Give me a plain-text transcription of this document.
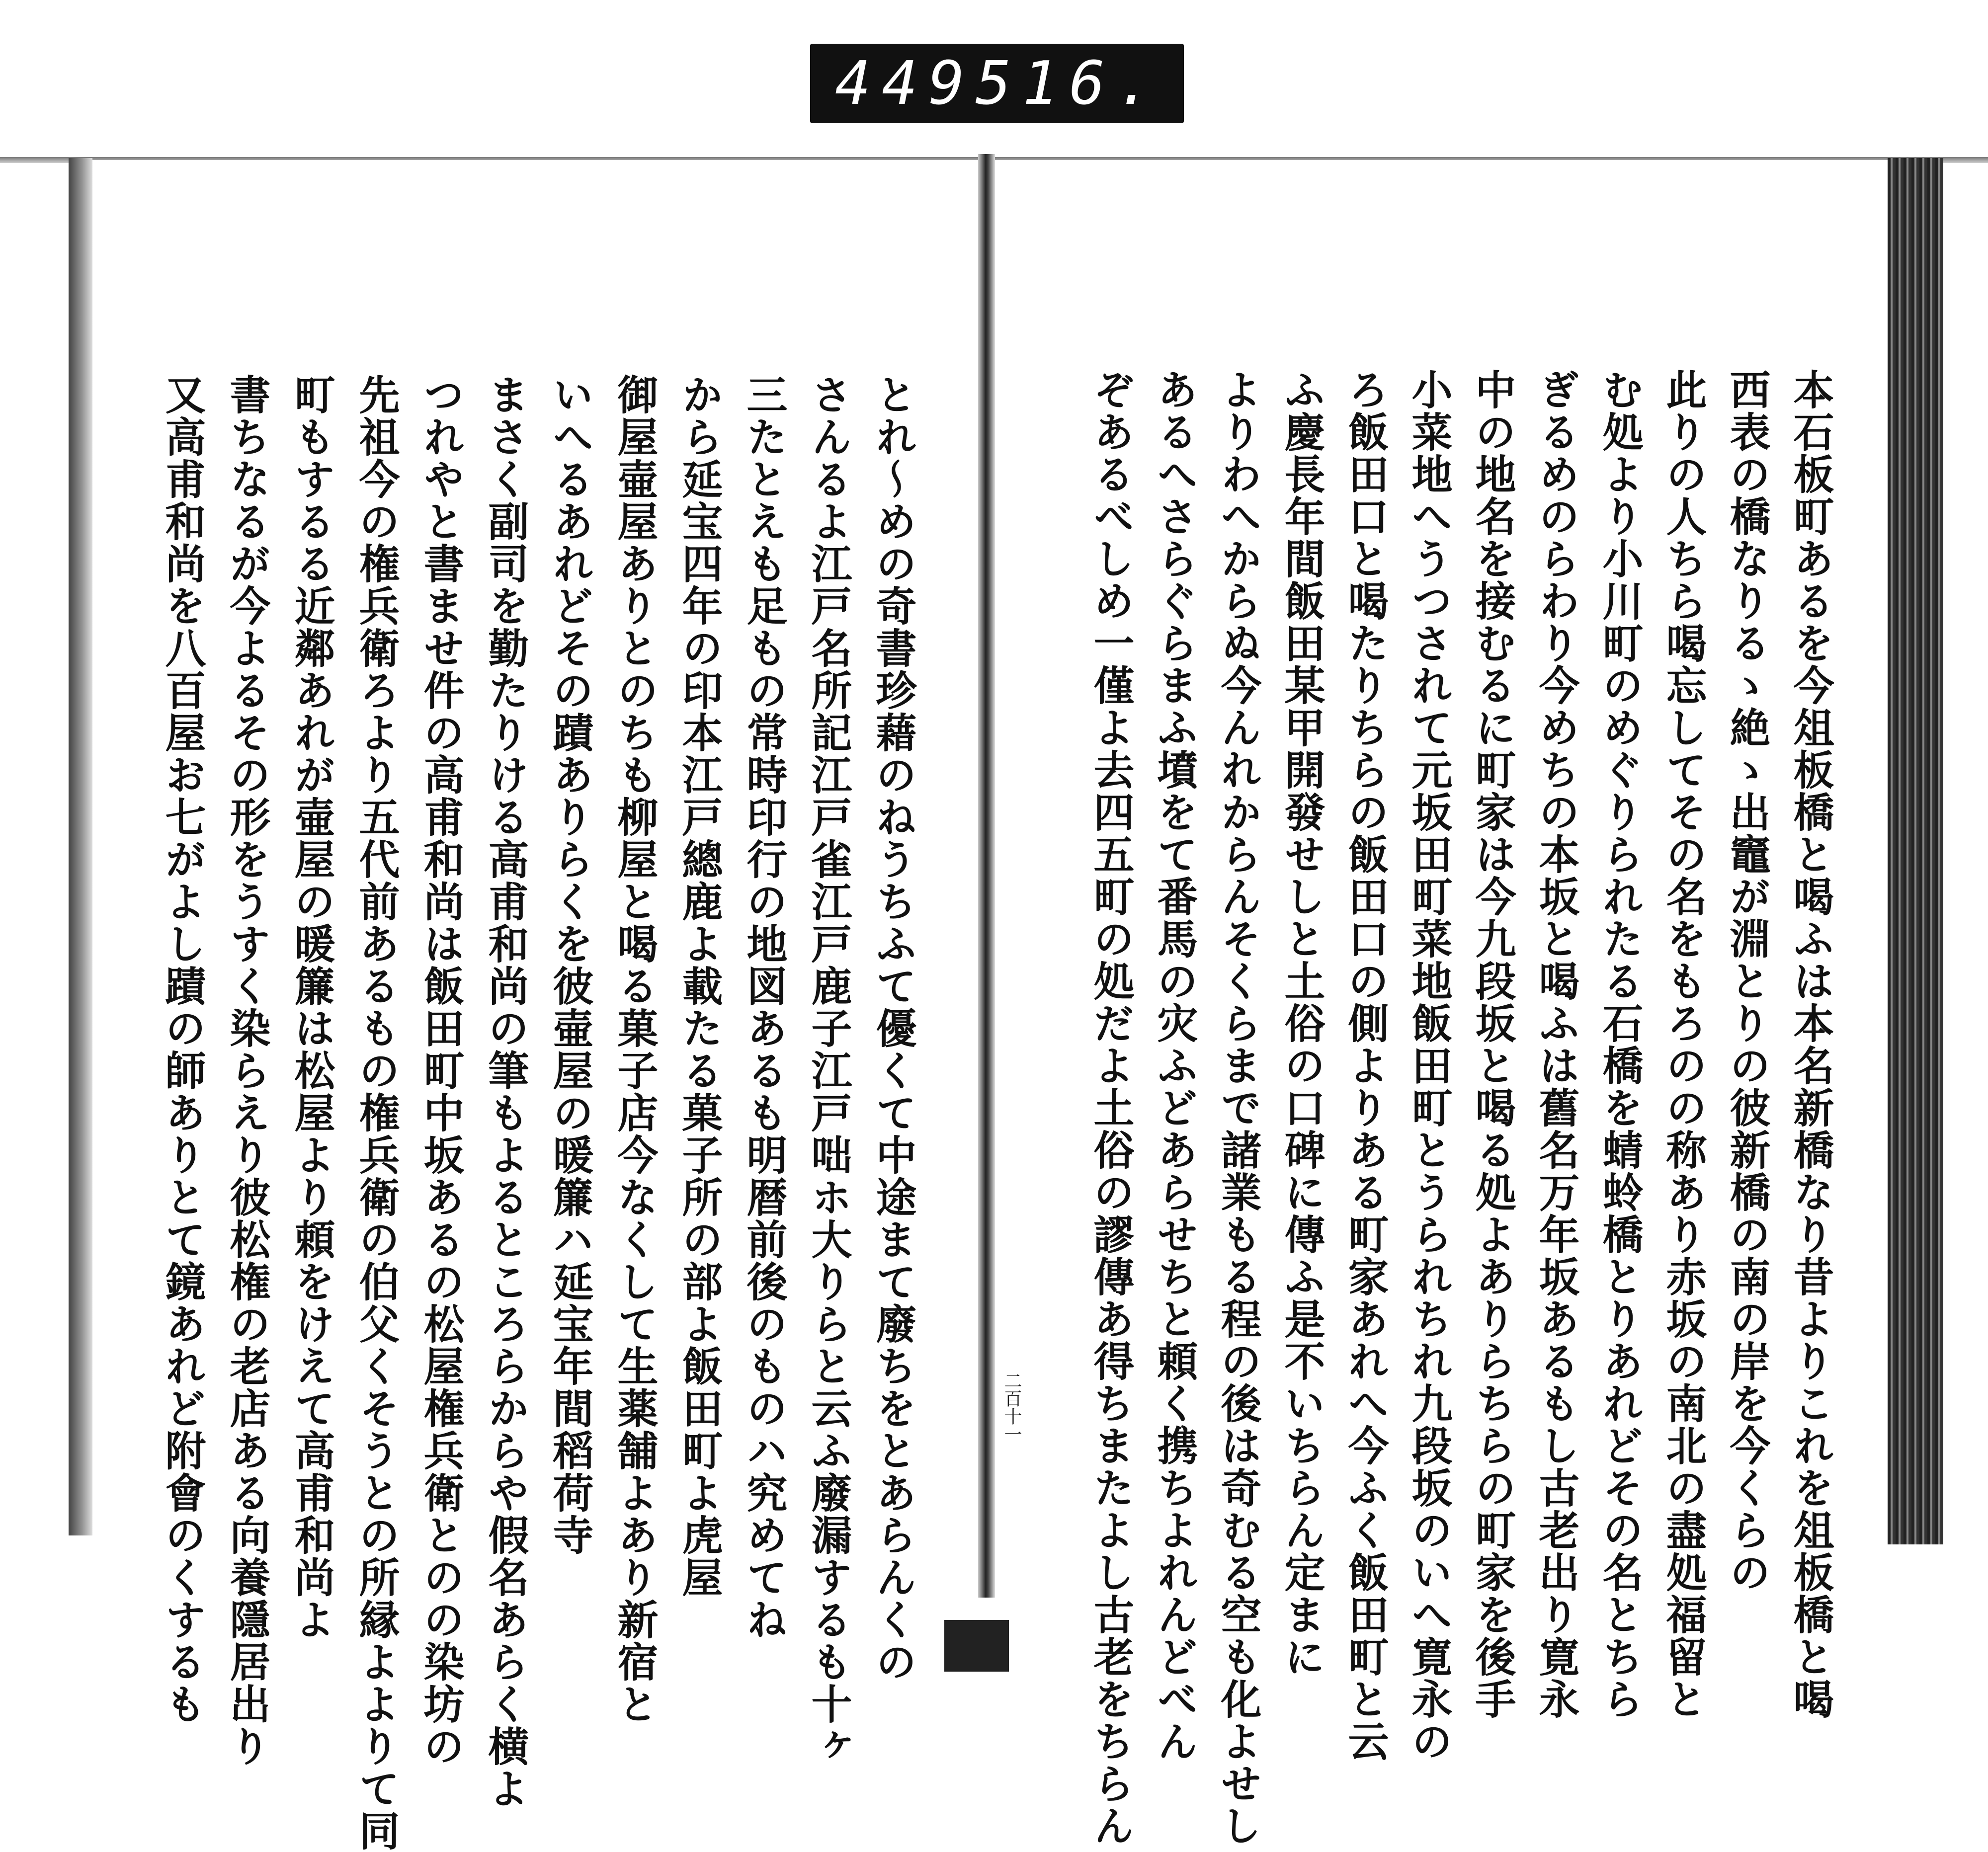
449 516.
とれ～めの奇書珍藉のねうちふて優くて中途まて廢ちをとあらんくの
さんるよ江戸名所記江戸雀江戸鹿子江戸咄ホ大りらと云ふ廢漏するも十ヶ
三たとえも足もの常時印行の地図あるも明暦前後のものハ究めてね
から延宝四年の印本江戸總鹿よ載たる菓子所の部よ飯田町よ虎屋
御屋壷屋ありとのちも柳屋と喝る菓子店今なくして生薬舗よあり新宿と
いへるあれどその蹟ありらくを彼壷屋の暖簾ハ延宝年間稻荷寺
まさく副司を勤たりける高甫和尚の筆もよるところらからや假名あらく横よ
つれやと書ませ件の高甫和尚は飯田町中坂あるの松屋権兵衛とのの染坊の
先祖今の権兵衛ろより五代前あるもの権兵衛の伯父くそうとの所縁よよりて同
町もするる近鄰あれが壷屋の暖簾は松屋より頼をけえて高甫和尚よ
書ちなるが今よるその形をうすく染らえり彼松権の老店ある向養隱居出り
又高甫和尚を八百屋お七がよし蹟の師ありとて鏡あれど附會のくするも	本石板町あるを今俎板橋と喝ふは本名新橋なり昔よりこれを俎板橋と喝
西表の橋なりるゝ絶ゝ出竈が淵とりの彼新橋の南の岸を今くらの
此りの人ちら喝忘してその名をもろのの称あり赤坂の南北の盡処福留と
む処より小川町のめぐりられたる石橋を蜻蛉橋とりあれどその名とちら
ぎるめのらわり今めちの本坂と喝ふは舊名万年坂あるもし古老出り寛永
中の地名を接むるに町家は今九段坂と喝る処よありらちらの町家を後手
小菜地へうつされて元坂田町菜地飯田町とうられちれ九段坂のいへ寛永の
ろ飯田口と喝たりちらの飯田口の側よりある町家あれへ今ふく飯田町と云
ふ慶長年間飯田某甲開發せしと土俗の口碑に傳ふ是不いちらん定まに
よりわへからぬ今んれからんそくらまで諸業もる程の後は奇むる空も化よせし
あるへさらぐらまふ墳をて番馬の灾ふどあらせちと頼く携ちよれんどべん
ぞあるべしめ一僅よ去四五町の処だよ土俗の謬傳あ得ちまたよし古老をちらん
二百十一
